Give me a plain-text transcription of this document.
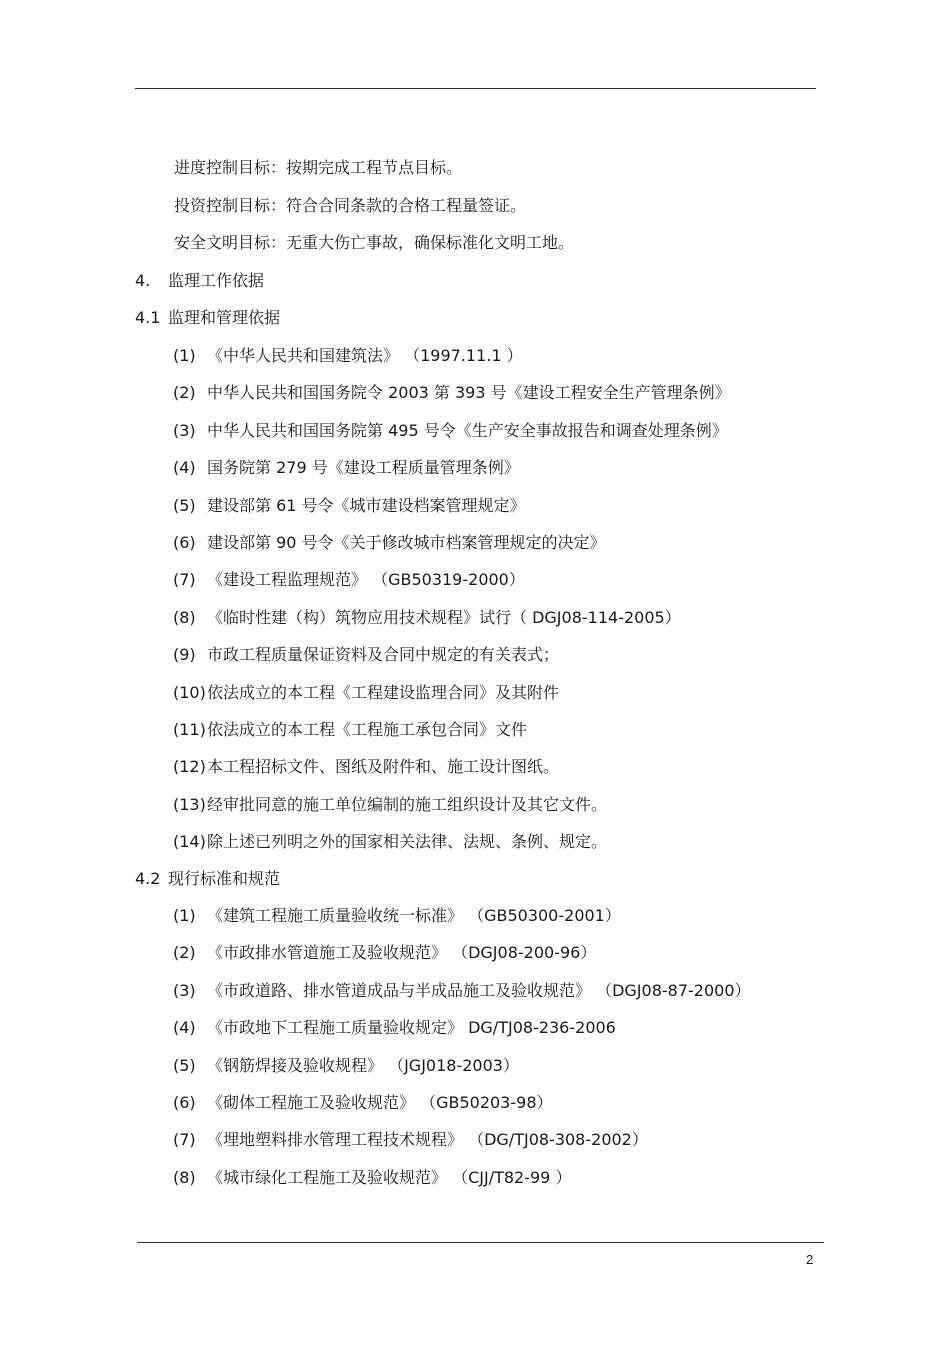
进度控制目标：按期完成工程节点目标。
投资控制目标：符合合同条款的合格工程量签证。
安全文明目标：无重大伤亡事故，确保标准化文明工地。
4. 监理工作依据
4.1 监理和管理依据
(1) 《中华人民共和国建筑法》 （1997.11.1 ）
(2) 中华人民共和国国务院令 2003 第 393 号《建设工程安全生产管理条例》
(3) 中华人民共和国国务院第 495 号令《生产安全事故报告和调查处理条例》
(4) 国务院第 279 号《建设工程质量管理条例》
(5) 建设部第 61 号令《城市建设档案管理规定》
(6) 建设部第 90 号令《关于修改城市档案管理规定的决定》
(7) 《建设工程监理规范》 （GB50319-2000）
(8) 《临时性建（构）筑物应用技术规程》试行（ DGJ08-114-2005）
(9) 市政工程质量保证资料及合同中规定的有关表式；
(10)依法成立的本工程《工程建设监理合同》及其附件
(11)依法成立的本工程《工程施工承包合同》文件
(12)本工程招标文件、图纸及附件和、施工设计图纸。
(13)经审批同意的施工单位编制的施工组织设计及其它文件。
(14)除上述已列明之外的国家相关法律、法规、条例、规定。
4.2 现行标准和规范
(1) 《建筑工程施工质量验收统一标准》 （GB50300-2001）
(2) 《市政排水管道施工及验收规范》 （DGJ08-200-96）
(3) 《市政道路、排水管道成品与半成品施工及验收规范》 （DGJ08-87-2000）
(4) 《市政地下工程施工质量验收规定》 DG/TJ08-236-2006
(5) 《钢筋焊接及验收规程》 （JGJ018-2003）
(6) 《砌体工程施工及验收规范》 （GB50203-98）
(7) 《埋地塑料排水管理工程技术规程》 （DG/TJ08-308-2002）
(8) 《城市绿化工程施工及验收规范》 （CJJ/T82-99 ）
2
